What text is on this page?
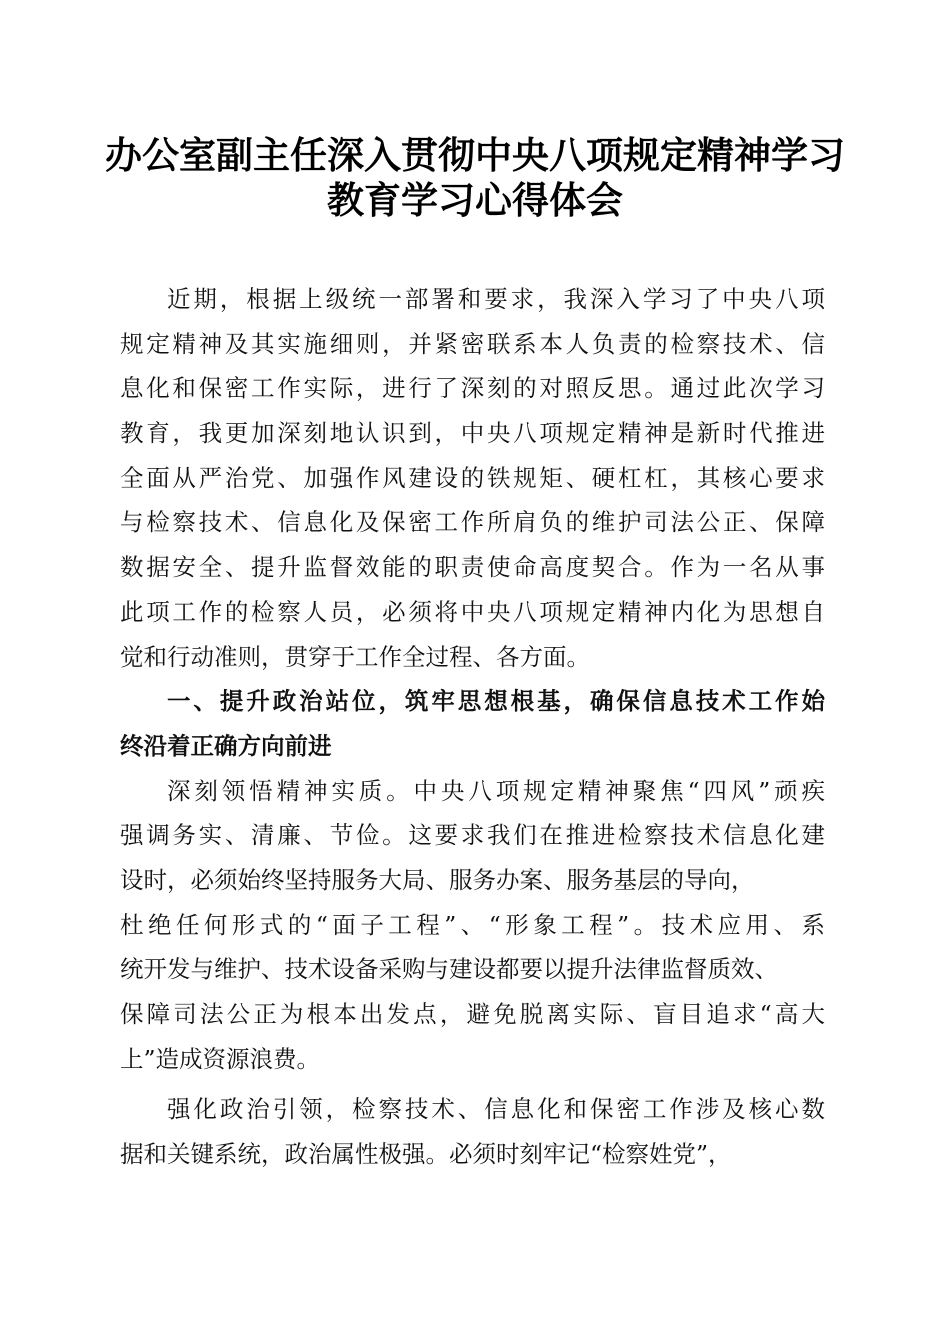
办公室副主任深入贯彻中央八项规定精神学习
教育学习心得体会
近期，根据上级统一部署和要求，我深入学习了中央八项
规定精神及其实施细则，并紧密联系本人负责的检察技术、信
息化和保密工作实际，进行了深刻的对照反思。通过此次学习
教育，我更加深刻地认识到，中央八项规定精神是新时代推进
全面从严治党、加强作风建设的铁规矩、硬杠杠，其核心要求
与检察技术、信息化及保密工作所肩负的维护司法公正、保障
数据安全、提升监督效能的职责使命高度契合。作为一名从事
此项工作的检察人员，必须将中央八项规定精神内化为思想自
觉和行动准则，贯穿于工作全过程、各方面。
一、提升政治站位，筑牢思想根基，确保信息技术工作始
终沿着正确方向前进
深刻领悟精神实质。中央八项规定精神聚焦“四风”顽疾
强调务实、清廉、节俭。这要求我们在推进检察技术信息化建
设时，必须始终坚持服务大局、服务办案、服务基层的导向，
杜绝任何形式的“面子工程”、“形象工程”。技术应用、系
统开发与维护、技术设备采购与建设都要以提升法律监督质效、
保障司法公正为根本出发点，避免脱离实际、盲目追求“高大
上”造成资源浪费。
强化政治引领，检察技术、信息化和保密工作涉及核心数
据和关键系统，政治属性极强。必须时刻牢记“检察姓党”，
